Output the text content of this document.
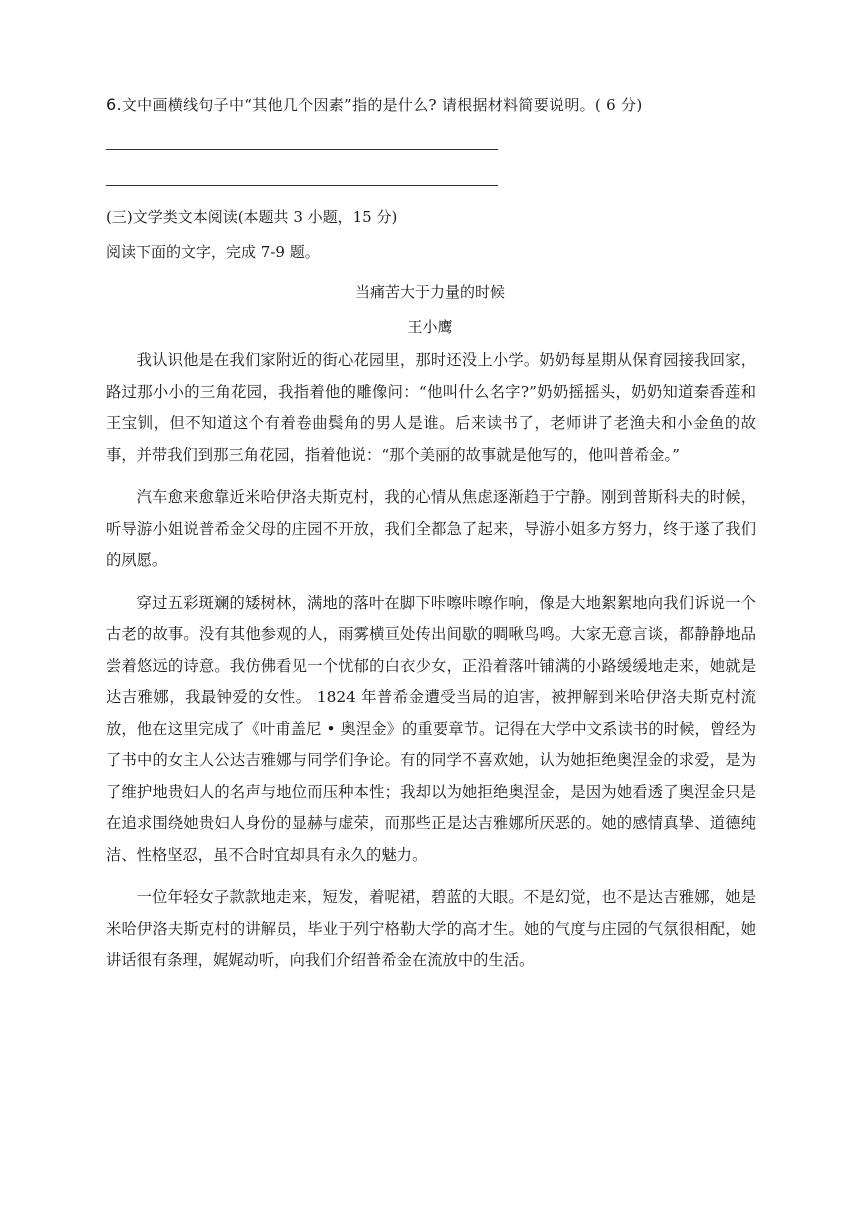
6.文中画横线句子中“其他几个因素”指的是什么? 请根据材料简要说明。( 6 分)
(三)文学类文本阅读(本题共 3 小题，15 分)
阅读下面的文字，完成 7-9 题。
当痛苦大于力量的时候
王小鹰

我认识他是在我们家附近的街心花园里，那时还没上小学。奶奶每星期从保育园接我回家，路过那小小的三角花园，我指着他的雕像问：“他叫什么名字?”奶奶摇摇头，奶奶知道秦香莲和王宝钏，但不知道这个有着卷曲鬓角的男人是谁。后来读书了，老师讲了老渔夫和小金鱼的故事，并带我们到那三角花园，指着他说：“那个美丽的故事就是他写的，他叫普希金。”

汽车愈来愈靠近米哈伊洛夫斯克村，我的心情从焦虑逐渐趋于宁静。刚到普斯科夫的时候，听导游小姐说普希金父母的庄园不开放，我们全都急了起来，导游小姐多方努力，终于遂了我们的夙愿。

穿过五彩斑斓的矮树林，满地的落叶在脚下咔嚓咔嚓作响，像是大地絮絮地向我们诉说一个古老的故事。没有其他参观的人，雨雾横亘处传出间歇的啁啾鸟鸣。大家无意言谈，都静静地品尝着悠远的诗意。我仿佛看见一个忧郁的白衣少女，正沿着落叶铺满的小路缓缓地走来，她就是达吉雅娜，我最钟爱的女性。 1824 年普希金遭受当局的迫害，被押解到米哈伊洛夫斯克村流放，他在这里完成了《叶甫盖尼 • 奥涅金》的重要章节。记得在大学中文系读书的时候，曾经为了书中的女主人公达吉雅娜与同学们争论。有的同学不喜欢她，认为她拒绝奥涅金的求爱，是为了维护地贵妇人的名声与地位而压种本性；我却以为她拒绝奥涅金，是因为她看透了奥涅金只是在追求围绕她贵妇人身份的显赫与虚荣，而那些正是达吉雅娜所厌恶的。她的感情真挚、道德纯洁、性格坚忍，虽不合时宜却具有永久的魅力。

一位年轻女子款款地走来，短发，着呢裙，碧蓝的大眼。不是幻觉，也不是达吉雅娜，她是米哈伊洛夫斯克村的讲解员，毕业于列宁格勒大学的高才生。她的气度与庄园的气氛很相配，她讲话很有条理，娓娓动听，向我们介绍普希金在流放中的生活。
